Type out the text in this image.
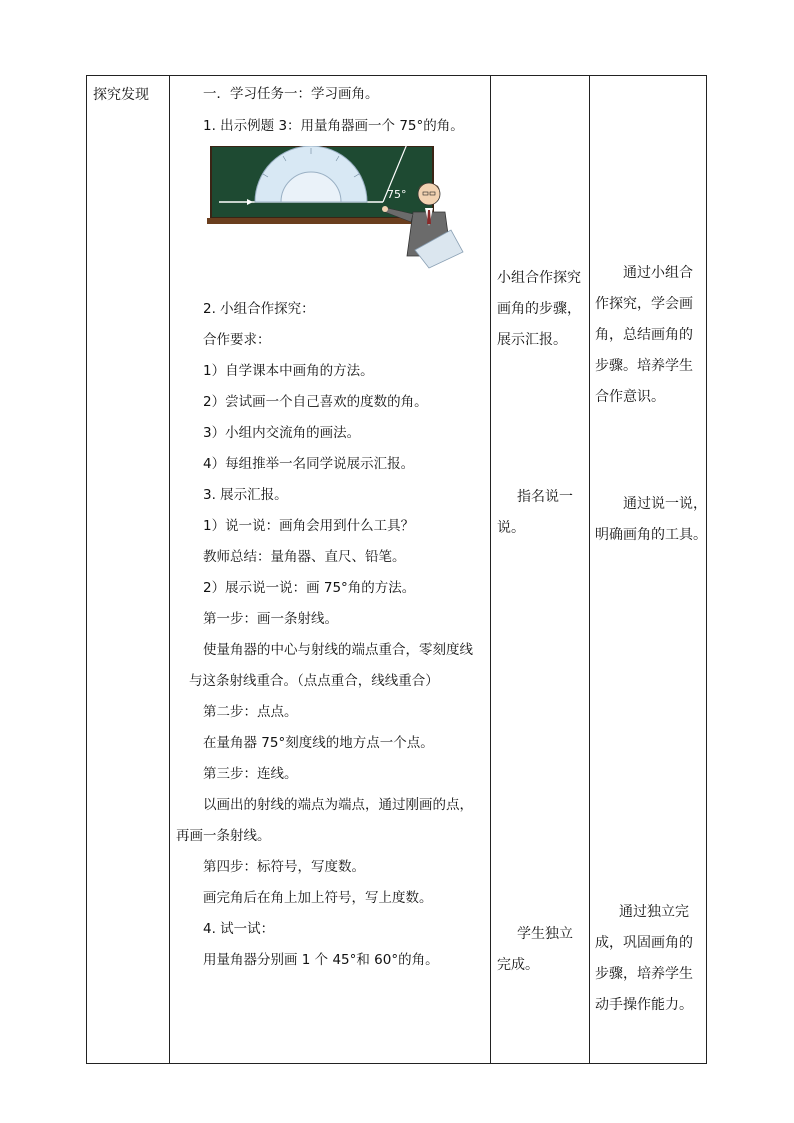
探究发现	一．学习任务一：学习画角。
1. 出示例题 3：用量角器画一个 75°的角。
75°
2. 小组合作探究：
合作要求：
1）自学课本中画角的方法。
2）尝试画一个自己喜欢的度数的角。
3）小组内交流角的画法。
4）每组推举一名同学说展示汇报。
3. 展示汇报。
1）说一说：画角会用到什么工具？
教师总结：量角器、直尺、铅笔。
2）展示说一说：画 75°角的方法。
第一步：画一条射线。
使量角器的中心与射线的端点重合，零刻度线
与这条射线重合。（点点重合，线线重合）
第二步：点点。
在量角器 75°刻度线的地方点一个点。
第三步：连线。
以画出的射线的端点为端点，通过刚画的点，
再画一条射线。
第四步：标符号，写度数。
画完角后在角上加上符号，写上度数。
4. 试一试：
用量角器分别画 1 个 45°和 60°的角。
小组合作探究
画角的步骤，
展示汇报。
指名说一
说。
学生独立
完成。
通过小组合
作探究，学会画
角，总结画角的
步骤。培养学生
合作意识。
通过说一说，
明确画角的工具。
通过独立完
成，巩固画角的
步骤，培养学生
动手操作能力。
